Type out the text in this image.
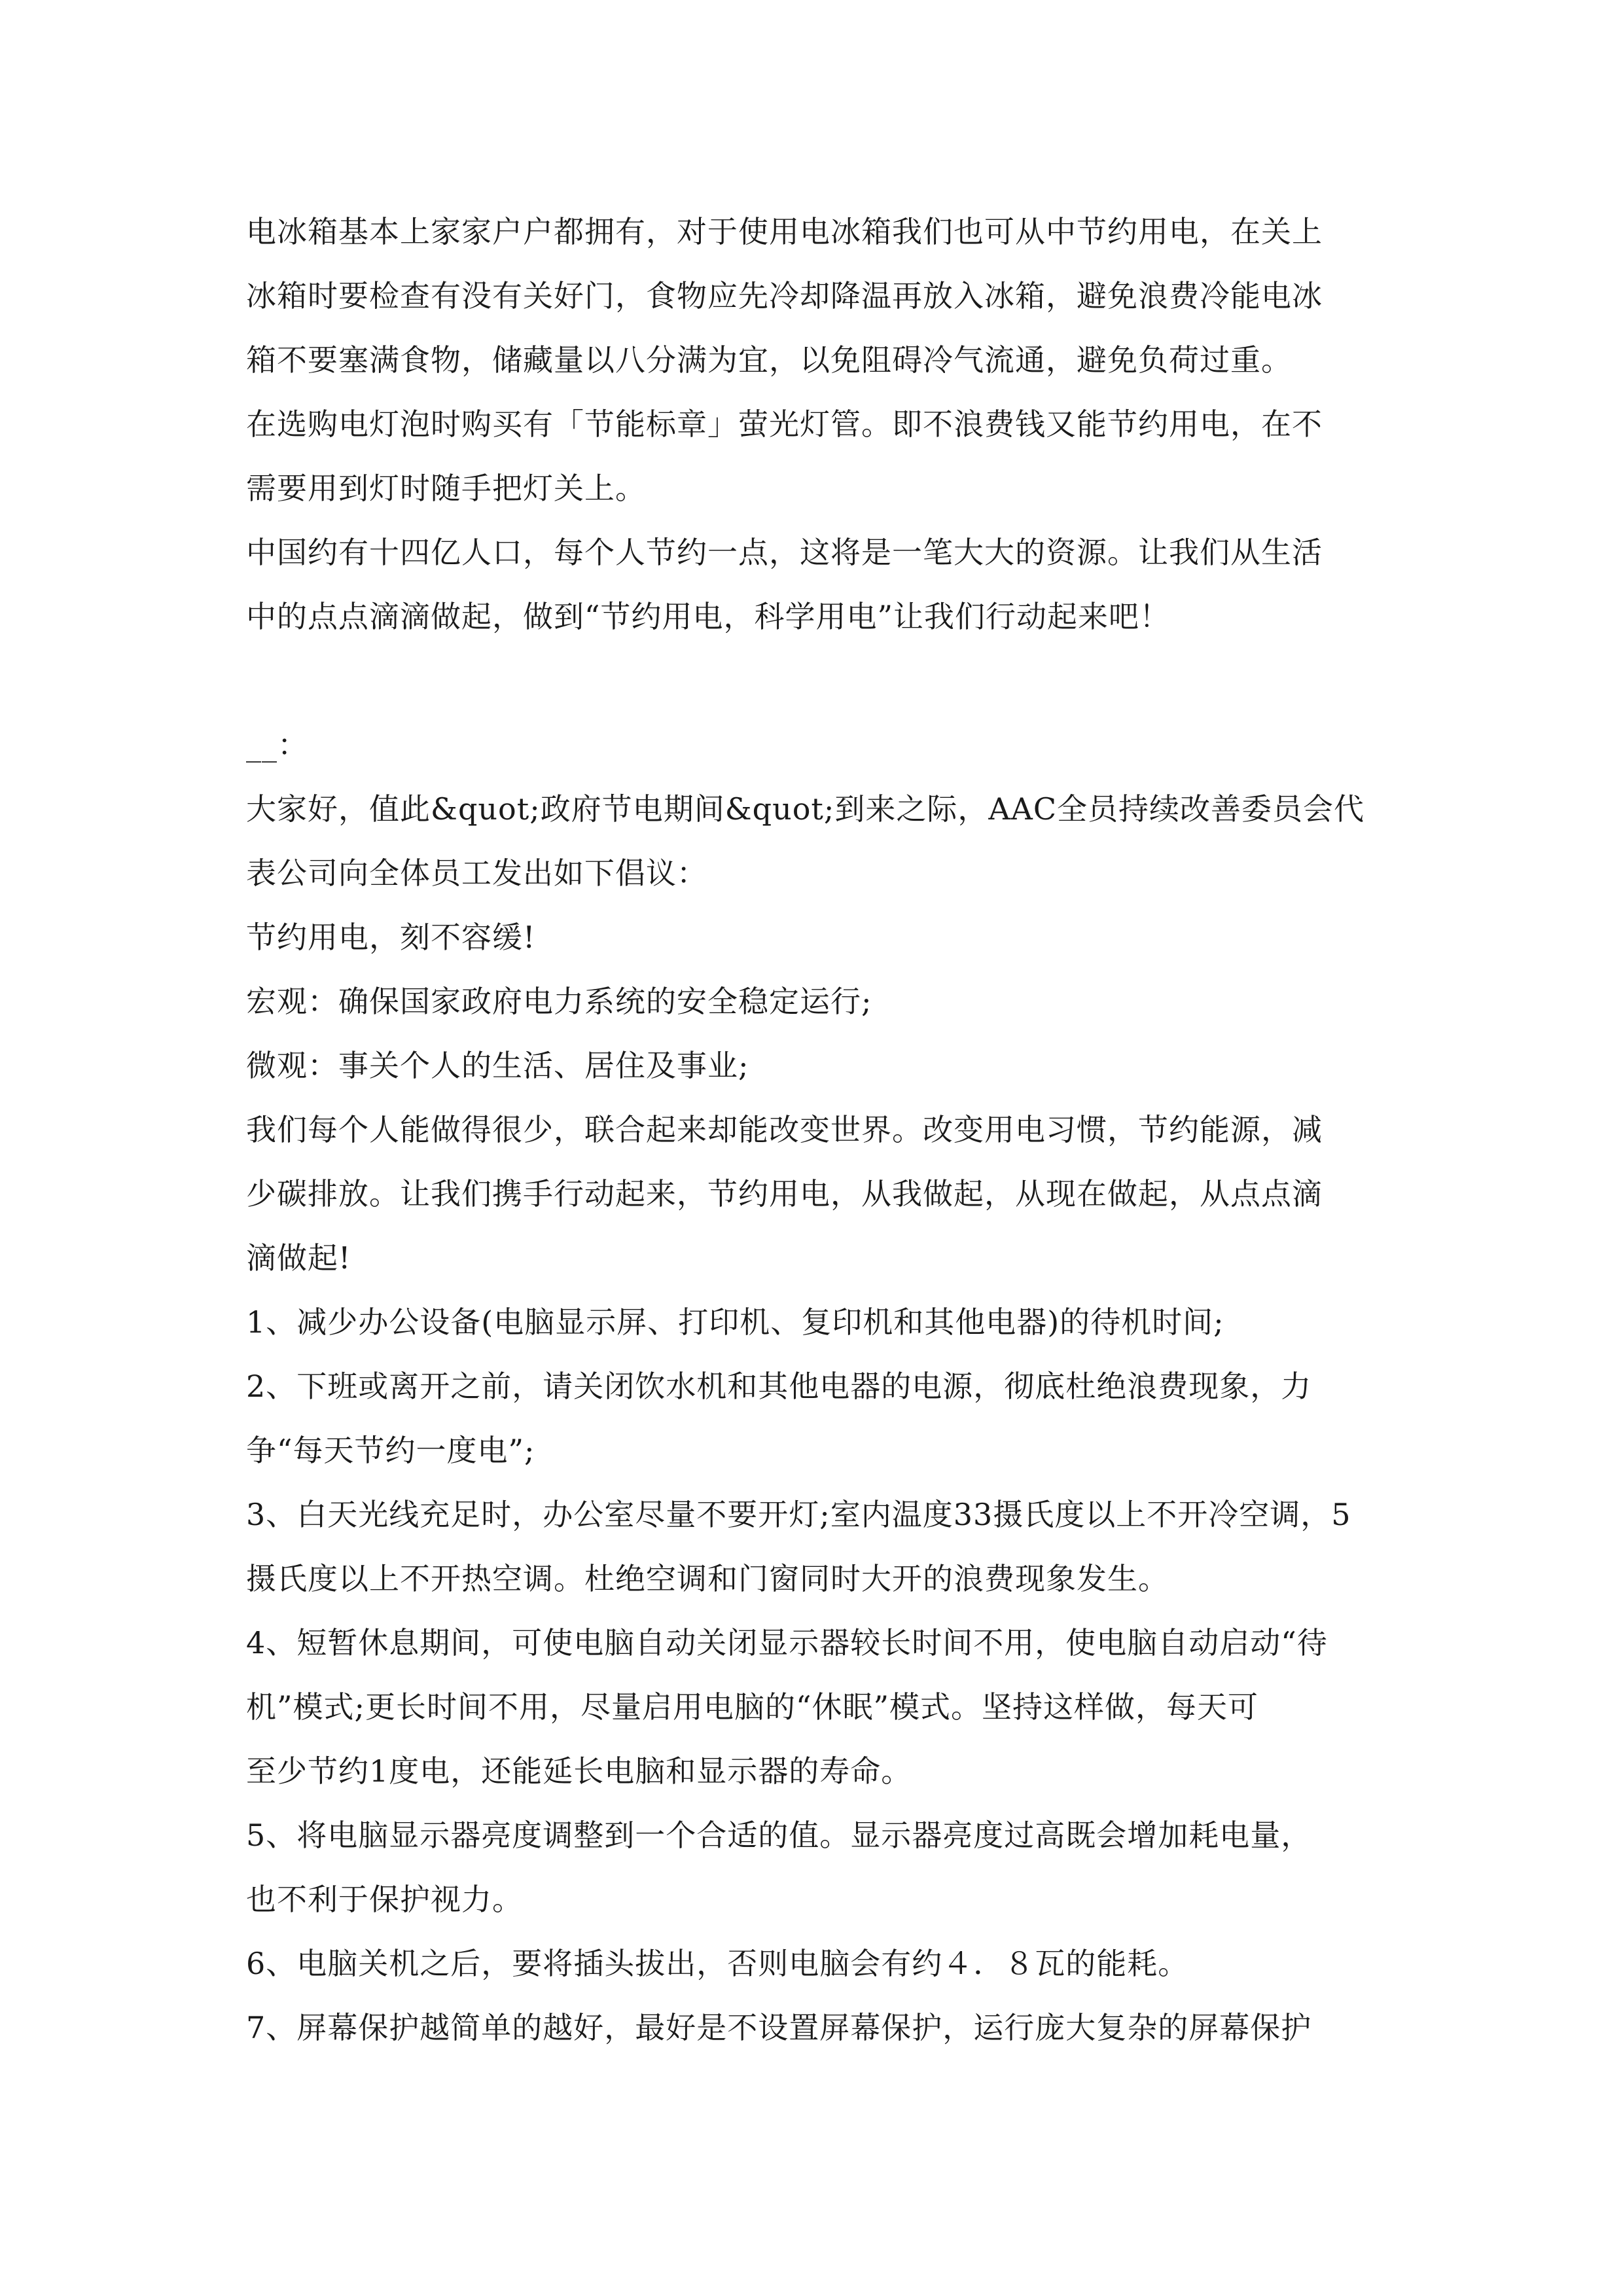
电冰箱基本上家家户户都拥有，对于使用电冰箱我们也可从中节约用电，在关上
冰箱时要检查有没有关好门，食物应先冷却降温再放入冰箱，避免浪费冷能电冰
箱不要塞满食物，储藏量以八分满为宜，以免阻碍冷气流通，避免负荷过重。
在选购电灯泡时购买有「节能标章」萤光灯管。即不浪费钱又能节约用电，在不
需要用到灯时随手把灯关上。
中国约有十四亿人口，每个人节约一点，这将是一笔大大的资源。让我们从生活
中的点点滴滴做起，做到“节约用电，科学用电”让我们行动起来吧！
__：
大家好，值此&quot;政府节电期间&quot;到来之际，AAC全员持续改善委员会代
表公司向全体员工发出如下倡议：
节约用电，刻不容缓!
宏观：确保国家政府电力系统的安全稳定运行;
微观：事关个人的生活、居住及事业;
我们每个人能做得很少，联合起来却能改变世界。改变用电习惯，节约能源，减
少碳排放。让我们携手行动起来，节约用电，从我做起，从现在做起，从点点滴
滴做起!
1、减少办公设备(电脑显示屏、打印机、复印机和其他电器)的待机时间;
2、下班或离开之前，请关闭饮水机和其他电器的电源，彻底杜绝浪费现象，力
争“每天节约一度电”;
3、白天光线充足时，办公室尽量不要开灯;室内温度33摄氏度以上不开冷空调，5
摄氏度以上不开热空调。杜绝空调和门窗同时大开的浪费现象发生。
4、短暂休息期间，可使电脑自动关闭显示器较长时间不用，使电脑自动启动“待
机”模式;更长时间不用，尽量启用电脑的“休眠”模式。坚持这样做，每天可
至少节约1度电，还能延长电脑和显示器的寿命。
5、将电脑显示器亮度调整到一个合适的值。显示器亮度过高既会增加耗电量，
也不利于保护视力。
6、电脑关机之后，要将插头拔出，否则电脑会有约４．８瓦的能耗。
7、屏幕保护越简单的越好，最好是不设置屏幕保护，运行庞大复杂的屏幕保护
